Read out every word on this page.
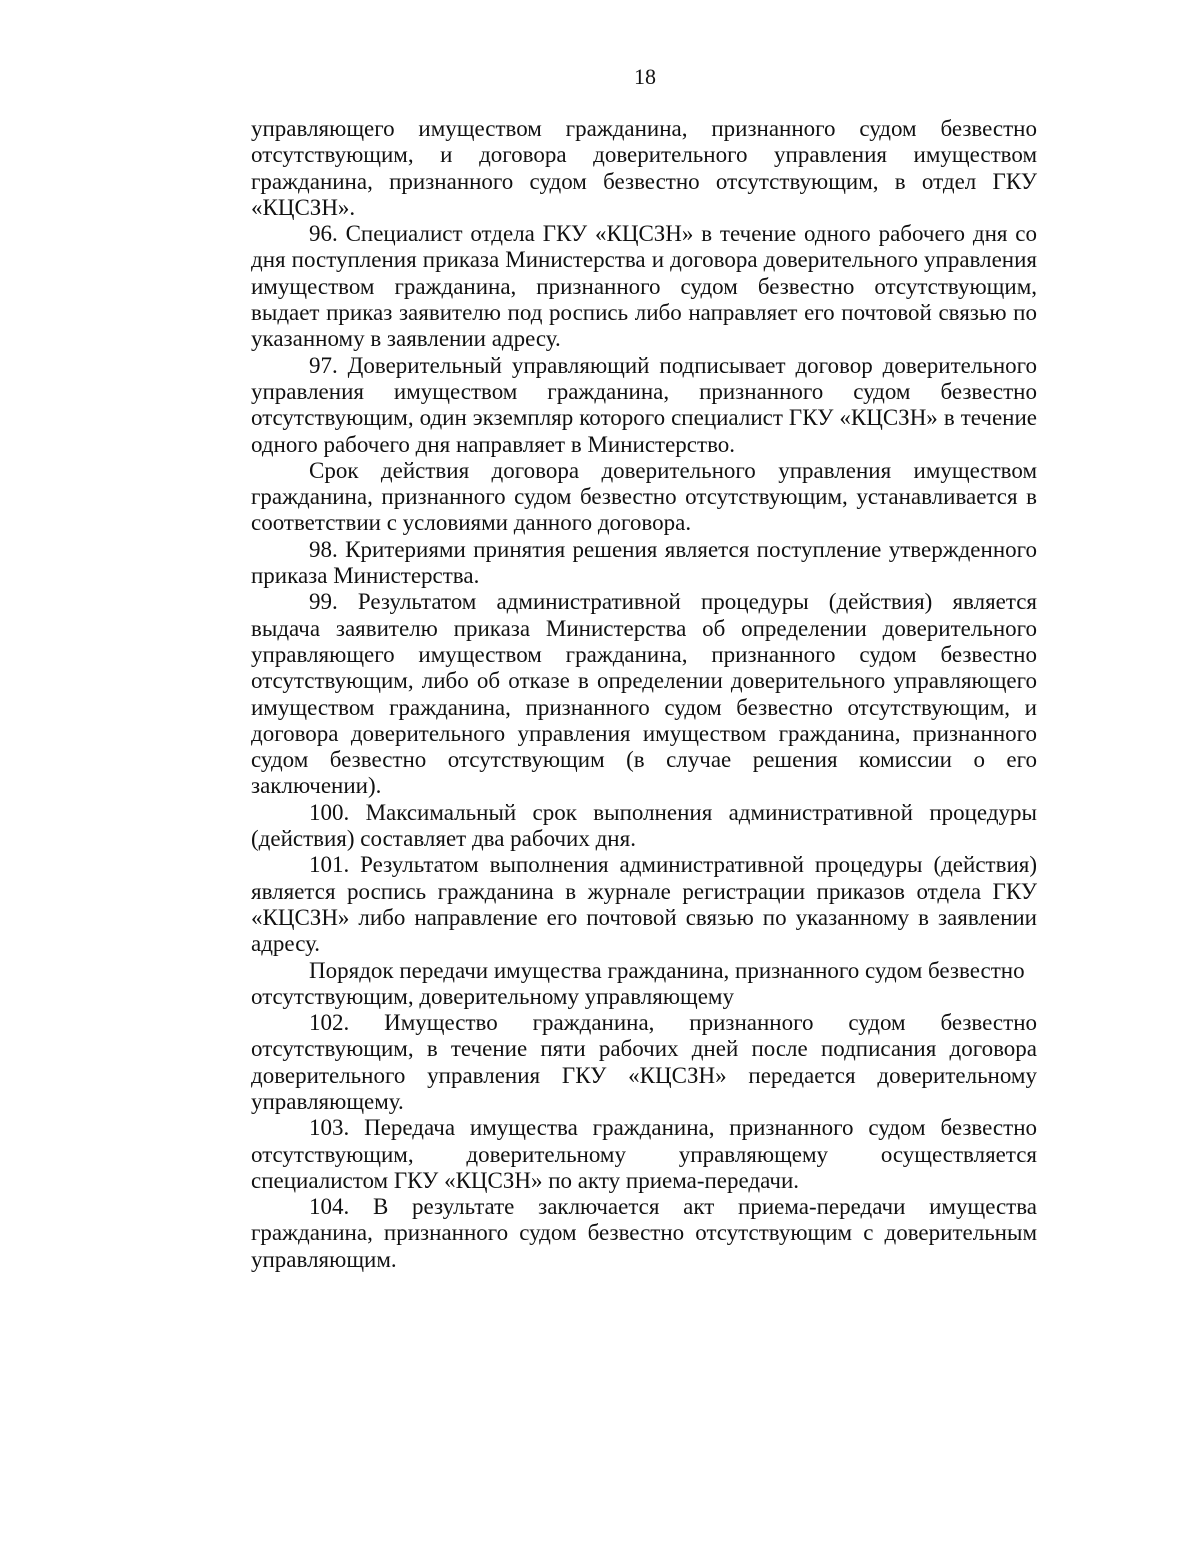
18

управляющего имуществом гражданина, признанного судом безвестно отсутствующим, и договора доверительного управления имуществом гражданина, признанного судом безвестно отсутствующим, в отдел ГКУ «КЦСЗН».

96. Специалист отдела ГКУ «КЦСЗН» в течение одного рабочего дня со дня поступления приказа Министерства и договора доверительного управления имуществом гражданина, признанного судом безвестно отсутствующим, выдает приказ заявителю под роспись либо направляет его почтовой связью по указанному в заявлении адресу.

97. Доверительный управляющий подписывает договор доверительного управления имуществом гражданина, признанного судом безвестно отсутствующим, один экземпляр которого специалист ГКУ «КЦСЗН» в течение одного рабочего дня направляет в Министерство.

Срок действия договора доверительного управления имуществом гражданина, признанного судом безвестно отсутствующим, устанавливается в соответствии с условиями данного договора.

98. Критериями принятия решения является поступление утвержденного приказа Министерства.

99. Результатом административной процедуры (действия) является выдача заявителю приказа Министерства об определении доверительного управляющего имуществом гражданина, признанного судом безвестно отсутствующим, либо об отказе в определении доверительного управляющего имуществом гражданина, признанного судом безвестно отсутствующим, и договора доверительного управления имуществом гражданина, признанного судом безвестно отсутствующим (в случае решения комиссии о его заключении).

100. Максимальный срок выполнения административной процедуры (действия) составляет два рабочих дня.

101. Результатом выполнения административной процедуры (действия) является роспись гражданина в журнале регистрации приказов отдела ГКУ «КЦСЗН» либо направление его почтовой связью по указанному в заявлении адресу.

Порядок передачи имущества гражданина, признанного судом безвестно отсутствующим, доверительному управляющему

102. Имущество гражданина, признанного судом безвестно отсутствующим, в течение пяти рабочих дней после подписания договора доверительного управления ГКУ «КЦСЗН» передается доверительному управляющему.

103. Передача имущества гражданина, признанного судом безвестно отсутствующим, доверительному управляющему осуществляется специалистом ГКУ «КЦСЗН» по акту приема-передачи.

104. В результате заключается акт приема-передачи имущества гражданина, признанного судом безвестно отсутствующим с доверительным управляющим.
